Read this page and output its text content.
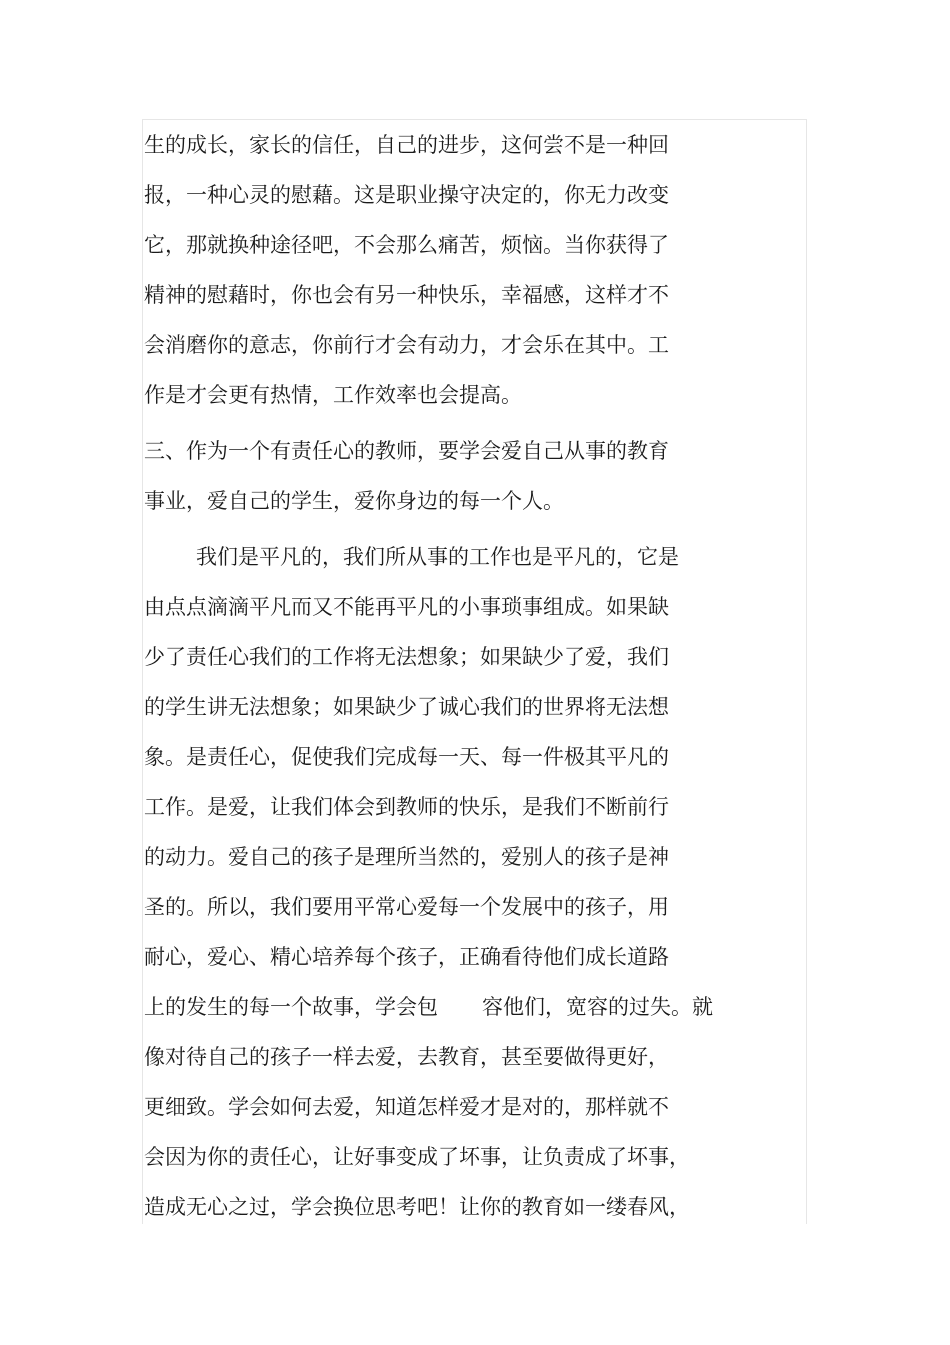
生的成长，家长的信任，自己的进步，这何尝不是一种回

报，一种心灵的慰藉。这是职业操守决定的，你无力改变

它，那就换种途径吧，不会那么痛苦，烦恼。当你获得了

精神的慰藉时，你也会有另一种快乐，幸福感，这样才不

会消磨你的意志，你前行才会有动力，才会乐在其中。工

作是才会更有热情，工作效率也会提高。

三、作为一个有责任心的教师，要学会爱自己从事的教育

事业，爱自己的学生，爱你身边的每一个人。

我们是平凡的，我们所从事的工作也是平凡的，它是

由点点滴滴平凡而又不能再平凡的小事琐事组成。如果缺

少了责任心我们的工作将无法想象；如果缺少了爱，我们

的学生讲无法想象；如果缺少了诚心我们的世界将无法想

象。是责任心，促使我们完成每一天、每一件极其平凡的

工作。是爱，让我们体会到教师的快乐，是我们不断前行

的动力。爱自己的孩子是理所当然的，爱别人的孩子是神

圣的。所以，我们要用平常心爱每一个发展中的孩子，用

耐心，爱心、精心培养每个孩子，正确看待他们成长道路

上的发生的每一个故事，学会包 容他们，宽容的过失。就

像对待自己的孩子一样去爱，去教育，甚至要做得更好，

更细致。学会如何去爱，知道怎样爱才是对的，那样就不

会因为你的责任心，让好事变成了坏事，让负责成了坏事，

造成无心之过，学会换位思考吧！让你的教育如一缕春风，
